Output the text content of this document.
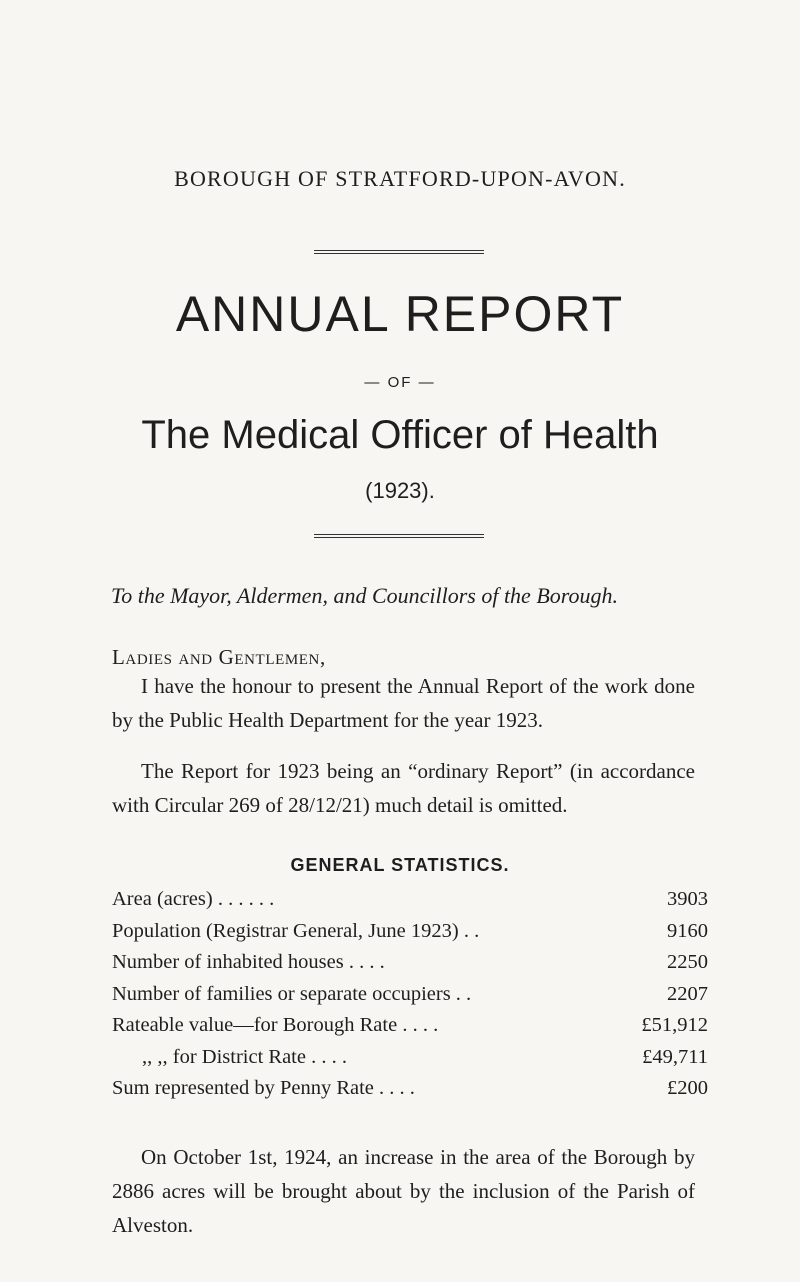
BOROUGH OF STRATFORD-UPON-AVON.
ANNUAL REPORT
— OF —
The Medical Officer of Health
(1923).
To the Mayor, Aldermen, and Councillors of the Borough.
Ladies and Gentlemen,
I have the honour to present the Annual Report of the work done by the Public Health Department for the year 1923.
The Report for 1923 being an “ordinary Report” (in accordance with Circular 269 of 28/12/21) much detail is omitted.
GENERAL STATISTICS.
Area (acres) . . . . . .	3903
Population (Registrar General, June 1923) . .	9160
Number of inhabited houses . . . .	2250
Number of families or separate occupiers . .	2207
Rateable value—for Borough Rate . . . .	£51,912
,, ,, for District Rate . . . .	£49,711
Sum represented by Penny Rate . . . .	£200
On October 1st, 1924, an increase in the area of the Borough by 2886 acres will be brought about by the inclusion of the Parish of Alveston.
